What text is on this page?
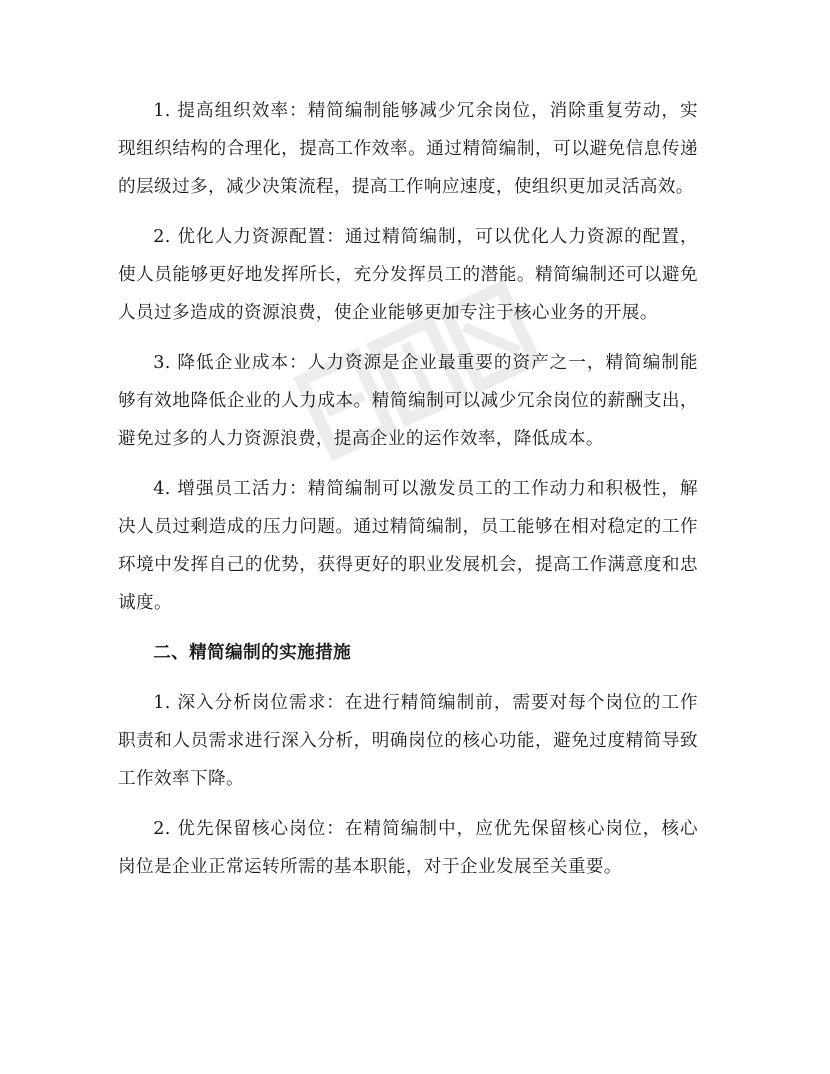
1. 提高组织效率：精简编制能够减少冗余岗位，消除重复劳动，实现组织结构的合理化，提高工作效率。通过精简编制，可以避免信息传递的层级过多，减少决策流程，提高工作响应速度，使组织更加灵活高效。

2. 优化人力资源配置：通过精简编制，可以优化人力资源的配置，使人员能够更好地发挥所长，充分发挥员工的潜能。精简编制还可以避免人员过多造成的资源浪费，使企业能够更加专注于核心业务的开展。

3. 降低企业成本：人力资源是企业最重要的资产之一，精简编制能够有效地降低企业的人力成本。精简编制可以减少冗余岗位的薪酬支出，避免过多的人力资源浪费，提高企业的运作效率，降低成本。

4. 增强员工活力：精简编制可以激发员工的工作动力和积极性，解决人员过剩造成的压力问题。通过精简编制，员工能够在相对稳定的工作环境中发挥自己的优势，获得更好的职业发展机会，提高工作满意度和忠诚度。

二、精简编制的实施措施

1. 深入分析岗位需求：在进行精简编制前，需要对每个岗位的工作职责和人员需求进行深入分析，明确岗位的核心功能，避免过度精简导致工作效率下降。

2. 优先保留核心岗位：在精简编制中，应优先保留核心岗位，核心岗位是企业正常运转所需的基本职能，对于企业发展至关重要。
